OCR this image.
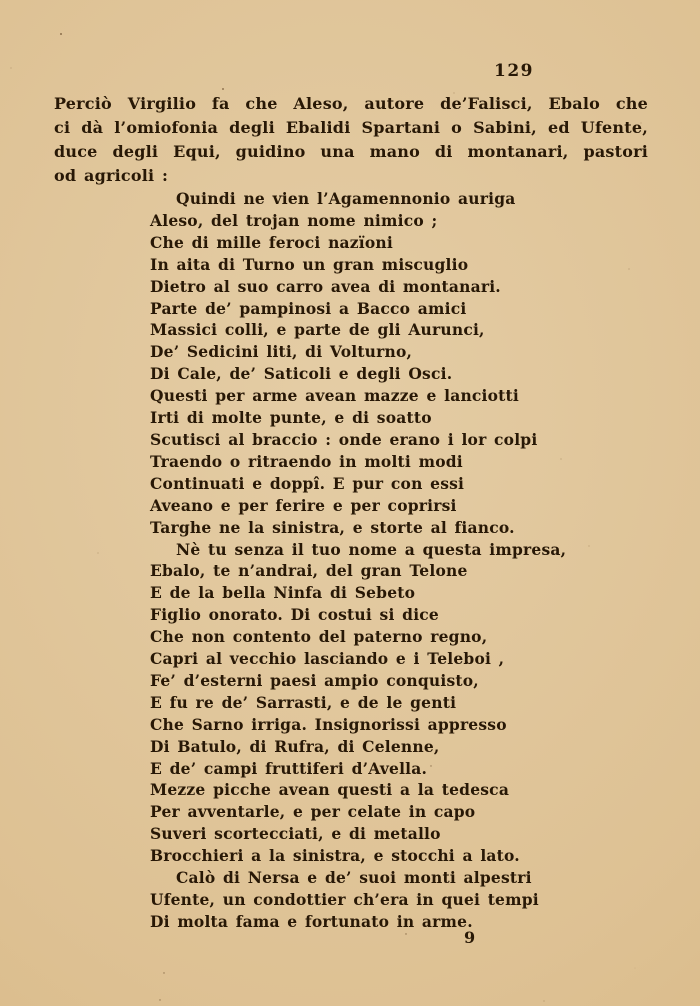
129
Perciò Virgilio fa che Aleso, autore de’Falisci, Ebalo che
ci dà l’omiofonia degli Ebalidi Spartani o Sabini, ed Ufente,
duce degli Equi, guidino una mano di montanari, pastori
od agricoli :
Quindi ne vien l’Agamennonio auriga
Aleso, del trojan nome nimico ;
Che di mille feroci nazïoni
In aita di Turno un gran miscuglio
Dietro al suo carro avea di montanari.
Parte de’ pampinosi a Bacco amici
Massici colli, e parte de gli Aurunci,
De’ Sedicini liti, di Volturno,
Di Cale, de’ Saticoli e degli Osci.
Questi per arme avean mazze e lanciotti
Irti di molte punte, e di soatto
Scutisci al braccio : onde erano i lor colpi
Traendo o ritraendo in molti modi
Continuati e doppî. E pur con essi
Aveano e per ferire e per coprirsi
Targhe ne la sinistra, e storte al fianco.
Nè tu senza il tuo nome a questa impresa,
Ebalo, te n’andrai, del gran Telone
E de la bella Ninfa di Sebeto
Figlio onorato. Di costui si dice
Che non contento del paterno regno,
Capri al vecchio lasciando e i Teleboi ,
Fe’ d’esterni paesi ampio conquisto,
E fu re de’ Sarrasti, e de le genti
Che Sarno irriga. Insignorissi appresso
Di Batulo, di Rufra, di Celenne,
E de’ campi fruttiferi d’Avella.
Mezze picche avean questi a la tedesca
Per avventarle, e per celate in capo
Suveri scortecciati, e di metallo
Brocchieri a la sinistra, e stocchi a lato.
Calò di Nersa e de’ suoi monti alpestri
Ufente, un condottier ch’era in quei tempi
Di molta fama e fortunato in arme.
9
